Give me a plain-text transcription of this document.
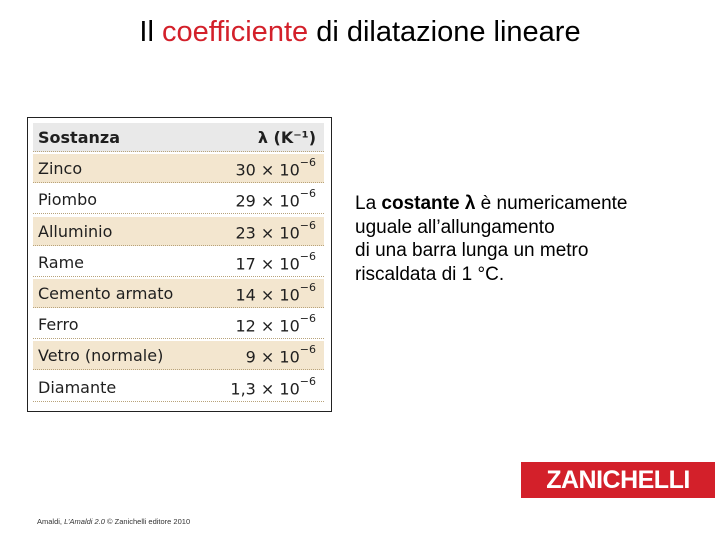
Il coefficiente di dilatazione lineare
Sostanza	λ (K⁻¹)
Zinco	$30 \times 10^{-6}$
Piombo	$29 \times 10^{-6}$
Alluminio	$23 \times 10^{-6}$
Rame	$17 \times 10^{-6}$
Cemento armato	$14 \times 10^{-6}$
Ferro	$12 \times 10^{-6}$
Vetro (normale)	$9 \times 10^{-6}$
Diamante	$1,3 \times 10^{-6}$
La costante λ è numericamente
uguale all’allungamento
di una barra lunga un metro
riscaldata di 1 °C.
ZANICHELLI
Amaldi, L’Amaldi 2.0 © Zanichelli editore 2010
